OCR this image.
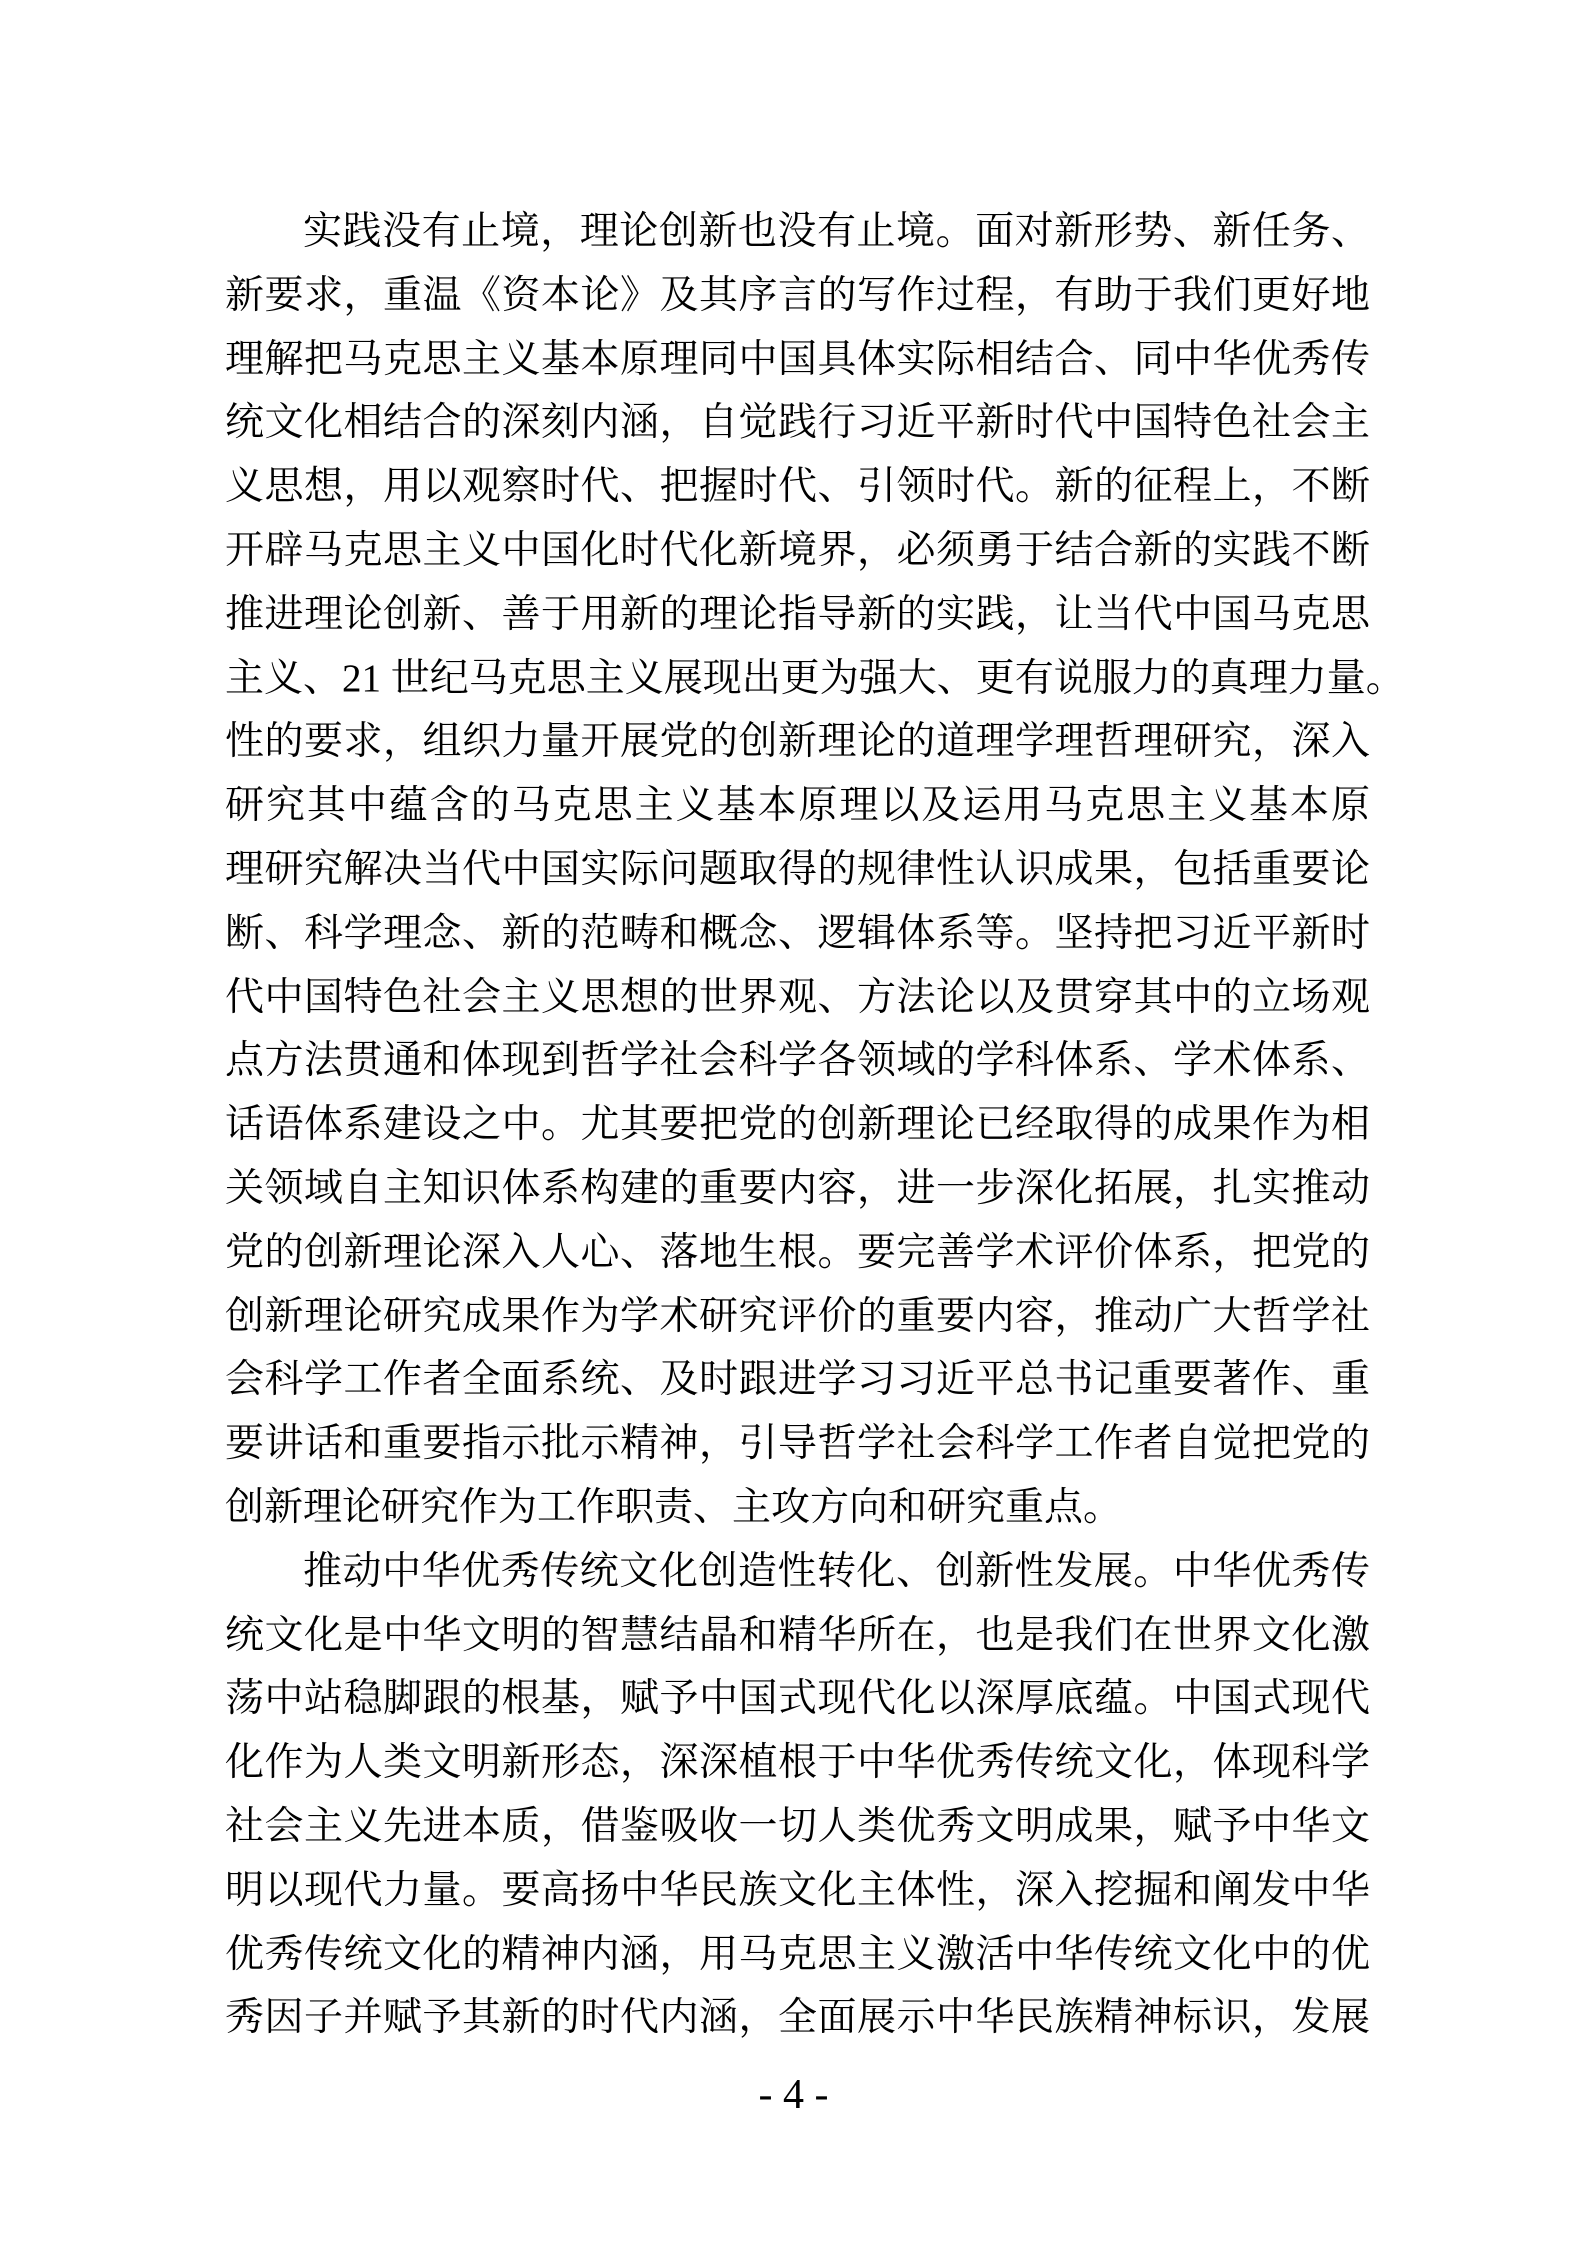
实践没有止境，理论创新也没有止境。面对新形势、新任务、
新要求，重温《资本论》及其序言的写作过程，有助于我们更好地
理解把马克思主义基本原理同中国具体实际相结合、同中华优秀传
统文化相结合的深刻内涵，自觉践行习近平新时代中国特色社会主
义思想，用以观察时代、把握时代、引领时代。新的征程上，不断
开辟马克思主义中国化时代化新境界，必须勇于结合新的实践不断
推进理论创新、善于用新的理论指导新的实践，让当代中国马克思
主义、21 世纪马克思主义展现出更为强大、更有说服力的真理力量。
性的要求，组织力量开展党的创新理论的道理学理哲理研究，深入
研究其中蕴含的马克思主义基本原理以及运用马克思主义基本原
理研究解决当代中国实际问题取得的规律性认识成果，包括重要论
断、科学理念、新的范畴和概念、逻辑体系等。坚持把习近平新时
代中国特色社会主义思想的世界观、方法论以及贯穿其中的立场观
点方法贯通和体现到哲学社会科学各领域的学科体系、学术体系、
话语体系建设之中。尤其要把党的创新理论已经取得的成果作为相
关领域自主知识体系构建的重要内容，进一步深化拓展，扎实推动
党的创新理论深入人心、落地生根。要完善学术评价体系，把党的
创新理论研究成果作为学术研究评价的重要内容，推动广大哲学社
会科学工作者全面系统、及时跟进学习习近平总书记重要著作、重
要讲话和重要指示批示精神，引导哲学社会科学工作者自觉把党的
创新理论研究作为工作职责、主攻方向和研究重点。
推动中华优秀传统文化创造性转化、创新性发展。中华优秀传
统文化是中华文明的智慧结晶和精华所在，也是我们在世界文化激
荡中站稳脚跟的根基，赋予中国式现代化以深厚底蕴。中国式现代
化作为人类文明新形态，深深植根于中华优秀传统文化，体现科学
社会主义先进本质，借鉴吸收一切人类优秀文明成果，赋予中华文
明以现代力量。要高扬中华民族文化主体性，深入挖掘和阐发中华
优秀传统文化的精神内涵，用马克思主义激活中华传统文化中的优
秀因子并赋予其新的时代内涵，全面展示中华民族精神标识，发展
- 4 -
